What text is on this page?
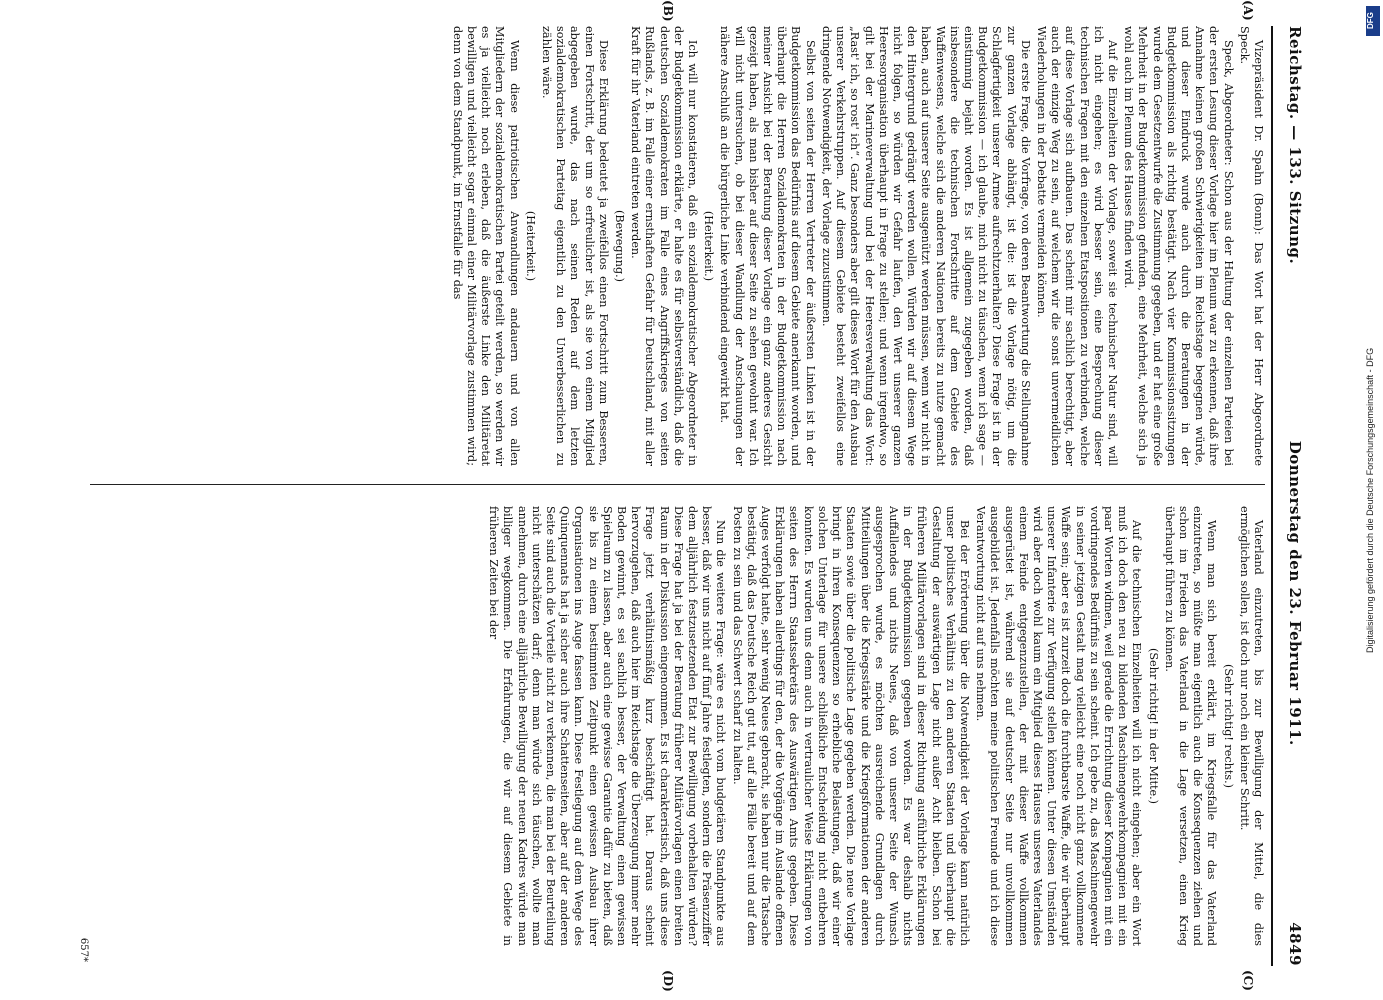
Reichstag. — 133. Sitzung.
Donnerstag den 23. Februar 1911.
4849

Vizepräsident Dr. Spahn (Bonn): Das Wort hat der Herr Abgeordnete Speck.

Speck, Abgeordneter: Schon aus der Haltung der einzelnen Parteien bei der ersten Lesung dieser Vorlage hier im Plenum war zu erkennen, daß ihre Annahme keinen großen Schwierigkeiten im Reichstage begegnen würde, und dieser Eindruck wurde auch durch die Beratungen in der Budgetkommission als richtig bestätigt. Nach vier Kommissionssitzungen wurde dem Gesetzentwurfe die Zustimmung gegeben, und er hat eine große Mehrheit in der Budgetkommission gefunden, eine Mehrheit, welche sich ja wohl auch im Plenum des Hauses finden wird.

Auf die Einzelheiten der Vorlage, soweit sie technischer Natur sind, will ich nicht eingehen; es wird besser sein, eine Besprechung dieser technischen Fragen mit den einzelnen Etatspositionen zu verbinden, welche auf diese Vorlage sich aufbauen. Das scheint mir sachlich berechtigt, aber auch der einzige Weg zu sein, auf welchem wir die sonst unvermeidlichen Wiederholungen in der Debatte vermeiden können.

Die erste Frage, die Vorfrage, von deren Beantwortung die Stellungnahme zur ganzen Vorlage abhängt, ist die: ist die Vorlage nötig, um die Schlagfertigkeit unserer Armee aufrechtzuerhalten? Diese Frage ist in der Budgetkommission — ich glaube, mich nicht zu täuschen, wenn ich sage — einstimmig bejaht worden. Es ist allgemein zugegeben worden, daß insbesondere die technischen Fortschritte auf dem Gebiete des Waffenwesens, welche sich die anderen Nationen bereits zu nutze gemacht haben, auch auf unserer Seite ausgenützt werden müssen, wenn wir nicht in den Hintergrund gedrängt werden wollen. Würden wir auf diesem Wege nicht folgen, so würden wir Gefahr laufen, den Wert unserer ganzen Heeresorganisation überhaupt in Frage zu stellen; und wenn irgendwo, so gilt bei der Marineverwaltung und bei der Heeresverwaltung das Wort: „Rast' ich, so rost' ich“. Ganz besonders aber gilt dieses Wort für den Ausbau unserer Verkehrstruppen. Auf diesem Gebiete besteht zweifellos eine dringende Notwendigkeit, der Vorlage zuzustimmen.

Selbst von seiten der Herren Vertreter der äußersten Linken ist in der Budgetkommission das Bedürfnis auf diesem Gebiete anerkannt worden, und überhaupt die Herren Sozialdemokraten in der Budgetkommission nach meiner Ansicht bei der Beratung dieser Vorlage ein ganz anderes Gesicht gezeigt haben, als man bisher auf dieser Seite zu sehen gewohnt war. Ich will nicht untersuchen, ob bei dieser Wandlung der Anschauungen der nähere Anschluß an die bürgerliche Linke verbindend eingewirkt hat.

(Heiterkeit.)

Ich will nur konstatieren, daß ein sozialdemokratischer Abgeordneter in der Budgetkommission erklärte, er halte es für selbstverständlich, daß die deutschen Sozialdemokraten im Falle eines Angriffskrieges von seiten Rußlands, z. B. im Falle einer ernsthaften Gefahr für Deutschland, mit aller Kraft für ihr Vaterland eintreten werden.

(Bewegung.)

Diese Erklärung bedeutet ja zweifellos einen Fortschritt zum Besseren, einen Fortschritt, der um so erfreulicher ist, als sie von einem Mitglied abgegeben wurde, das nach seinen Reden auf dem letzten sozialdemokratischen Parteitag eigentlich zu den Unverbesserlichen zu zählen wäre.

(Heiterkeit.)

Wenn diese patriotischen Anwandlungen andauern und von allen Mitgliedern der sozialdemokratischen Partei geteilt werden, so werden wir es ja vielleicht noch erleben, daß die äußerste Linke den Militäretat bewilligen und vielleicht sogar einmal einer Militärvorlage zustimmen wird; denn von dem Standpunkt, im Ernstfalle für das

Vaterland einzutreten, bis zur Bewilligung der Mittel, die dies ermöglichen sollen, ist doch nur noch ein kleiner Schritt.

(Sehr richtig! rechts.)

Wenn man sich bereit erklärt, im Kriegsfalle für das Vaterland einzutreten, so müßte man eigentlich auch die Konsequenzen ziehen und schon im Frieden das Vaterland in die Lage versetzen, einen Krieg überhaupt führen zu können.

(Sehr richtig! in der Mitte.)

Auf die technischen Einzelheiten will ich nicht eingehen; aber ein Wort muß ich doch den neu zu bildenden Maschinengewehrkompagnien mit ein paar Worten widmen, weil gerade die Errichtung dieser Kompagnien mit ein vordringendes Bedürfnis zu sein scheint. Ich gebe zu, das Maschinengewehr in seiner jetzigen Gestalt mag vielleicht eine noch nicht ganz vollkommene Waffe sein; aber es ist zurzeit doch die furchtbarste Waffe, die wir überhaupt unserer Infanterie zur Verfügung stellen können. Unter diesen Umständen wird aber doch wohl kaum ein Mitglied dieses Hauses unseres Vaterlandes einem Feinde entgegenzustellen, der mit dieser Waffe vollkommen ausgerüstet ist, während sie auf deutscher Seite nur unvollkommen ausgebildet ist. Jedenfalls möchten meine politischen Freunde und ich diese Verantwortung nicht auf uns nehmen.

Bei der Erörterung über die Notwendigkeit der Vorlage kann natürlich unser politisches Verhältnis zu den anderen Staaten und überhaupt die Gestaltung der auswärtigen Lage nicht außer Acht bleiben. Schon bei früheren Militärvorlagen sind in dieser Richtung ausführliche Erklärungen in der Budgetkommission gegeben worden. Es war deshalb nichts Auffallendes und nichts Neues, daß von unserer Seite der Wunsch ausgesprochen wurde, es möchten ausreichende Grundlagen durch Mitteilungen über die Kriegsstärke und die Kriegsformationen der anderen Staaten sowie über die politische Lage gegeben werden. Die neue Vorlage bringt in ihren Konsequenzen so erhebliche Belastungen, daß wir einer solchen Unterlage für unsere schließliche Entscheidung nicht entbehren konnten. Es wurden uns denn auch in vertraulicher Weise Erklärungen von seiten des Herrn Staatssekretärs des Auswärtigen Amts gegeben. Diese Erklärungen haben allerdings für den, der die Vorgänge im Auslande offenen Auges verfolgt hatte, sehr wenig Neues gebracht, sie haben nur die Tatsache bestätigt, daß das Deutsche Reich gut tut, auf alle Fälle bereit und auf dem Posten zu sein und das Schwert scharf zu halten.

Nun die weitere Frage: wäre es nicht vom budgetären Standpunkte aus besser, daß wir uns nicht auf fünf Jahre festlegten, sondern die Präsenzziffer dem alljährlich festzusetzenden Etat zur Bewilligung vorbehalten würden? Diese Frage hat ja bei der Beratung früherer Militärvorlagen einen breiten Raum in der Diskussion eingenommen. Es ist charakteristisch, daß uns diese Frage jetzt verhältnismäßig kurz beschäftigt hat. Daraus scheint hervorzugehen, daß auch hier im Reichstage die Überzeugung immer mehr Boden gewinnt, es sei sachlich besser, der Verwaltung einen gewissen Spielraum zu lassen, aber auch eine gewisse Garantie dafür zu bieten, daß sie bis zu einem bestimmten Zeitpunkt einen gewissen Ausbau ihrer Organisationen ins Auge fassen kann. Diese Festlegung auf dem Wege des Quinquennats hat ja sicher auch ihre Schattenseiten, aber auf der anderen Seite sind auch die Vorteile nicht zu verkennen, die man bei der Beurteilung nicht unterschätzen darf; denn man würde sich täuschen, wollte man annehmen, durch eine alljährliche Bewilligung der neuen Kadres würde man billiger wegkommen. Die Erfahrungen, die wir auf diesem Gebiete in früheren Zeiten bei der

(A)
(B)
(C)
(D)
657*
DFG
Digitalisierung gefördert durch die Deutsche Forschungsgemeinschaft - DFG
